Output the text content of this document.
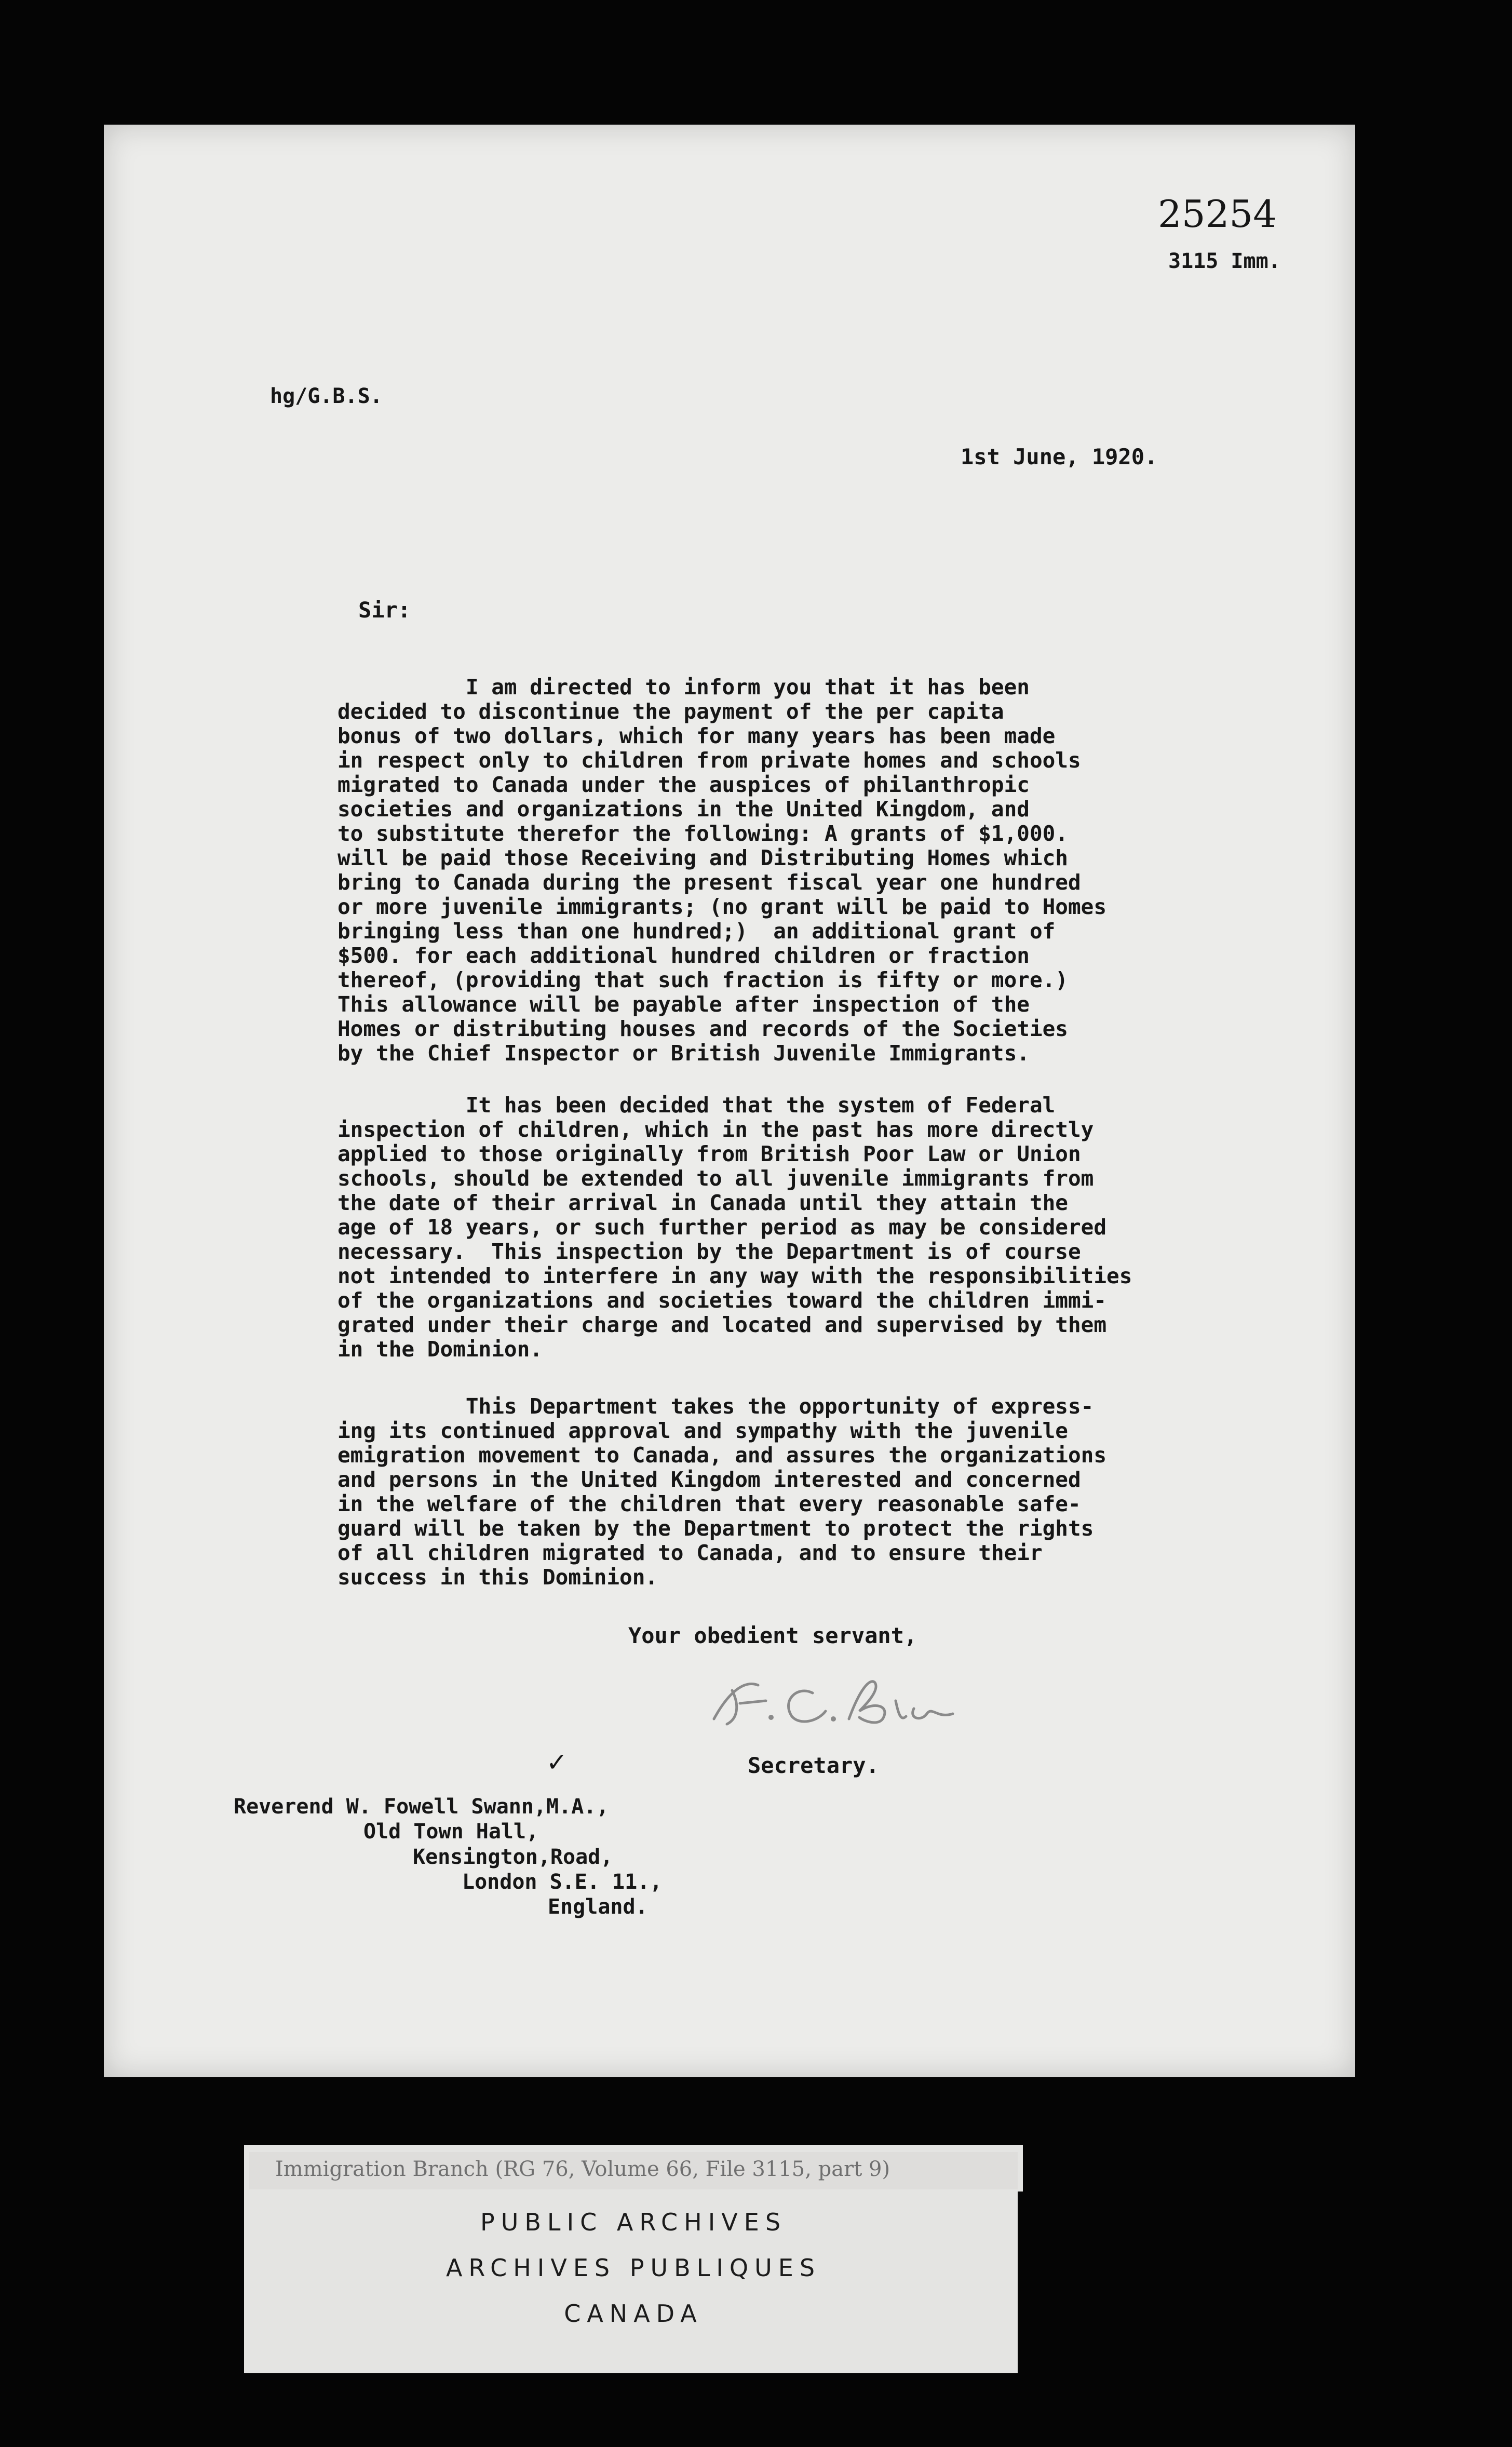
25254
3115 Imm.
hg/G.B.S.
1st June, 1920.
Sir:
I am directed to inform you that it has been
decided to discontinue the payment of the per capita
bonus of two dollars, which for many years has been made
in respect only to children from private homes and schools
migrated to Canada under the auspices of philanthropic
societies and organizations in the United Kingdom, and
to substitute therefor the following: A grants of $1,000.
will be paid those Receiving and Distributing Homes which
bring to Canada during the present fiscal year one hundred
or more juvenile immigrants; (no grant will be paid to Homes
bringing less than one hundred;)  an additional grant of
$500. for each additional hundred children or fraction
thereof, (providing that such fraction is fifty or more.)
This allowance will be payable after inspection of the
Homes or distributing houses and records of the Societies
by the Chief Inspector or British Juvenile Immigrants.
It has been decided that the system of Federal
inspection of children, which in the past has more directly
applied to those originally from British Poor Law or Union
schools, should be extended to all juvenile immigrants from
the date of their arrival in Canada until they attain the
age of 18 years, or such further period as may be considered
necessary.  This inspection by the Department is of course
not intended to interfere in any way with the responsibilities
of the organizations and societies toward the children immi-
grated under their charge and located and supervised by them
in the Dominion.
This Department takes the opportunity of express-
ing its continued approval and sympathy with the juvenile
emigration movement to Canada, and assures the organizations
and persons in the United Kingdom interested and concerned
in the welfare of the children that every reasonable safe-
guard will be taken by the Department to protect the rights
of all children migrated to Canada, and to ensure their
success in this Dominion.
Your obedient servant,
✓	Secretary.
Reverend W. Fowell Swann,M.A.,
Old Town Hall,
Kensington,Road,
London S.E. 11.,
England.
Immigration Branch (RG 76, Volume 66, File 3115, part 9)
PUBLIC ARCHIVES
ARCHIVES PUBLIQUES
CANADA
